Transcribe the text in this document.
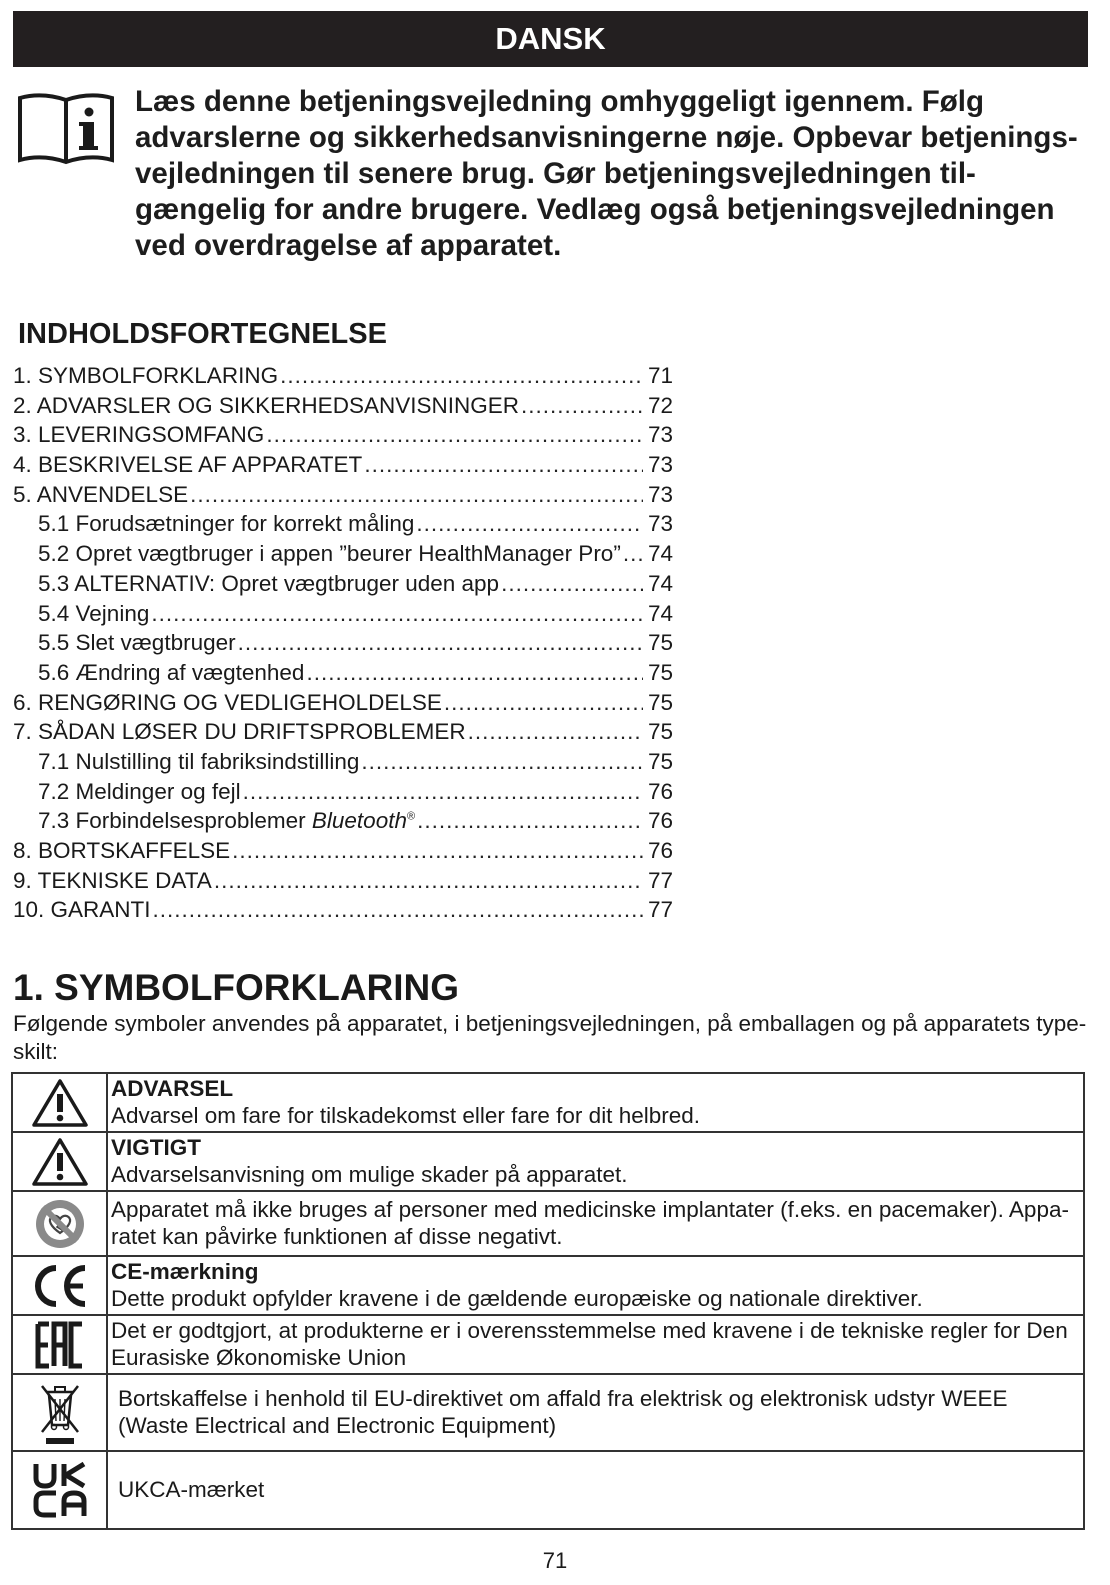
DANSK
Læs denne betjeningsvejledning omhyggeligt igennem. Følg
advarslerne og sikkerhedsanvisningerne nøje. Opbevar betjenings-
vejledningen til senere brug. Gør betjeningsvejledningen til-
gængelig for andre brugere. Vedlæg også betjeningsvejledningen
ved overdragelse af apparatet.
INDHOLDSFORTEGNELSE
1. SYMBOLFORKLARING .....	71
2. ADVARSLER OG SIKKERHEDSANVISNINGER .....	72
3. LEVERINGSOMFANG .....	73
4. BESKRIVELSE AF APPARATET .....	73
5. ANVENDELSE .....	73
5.1 Forudsætninger for korrekt måling .....	73
5.2 Opret vægtbruger i appen ”beurer HealthManager Pro” ..... 74
5.3 ALTERNATIV: Opret vægtbruger uden app .....	74
5.4 Vejning .....	74
5.5 Slet vægtbruger .....	75
5.6 Ændring af vægtenhed .....	75
6. RENGØRING OG VEDLIGEHOLDELSE .....	75
7. SÅDAN LØSER DU DRIFTSPROBLEMER .....	75
7.1 Nulstilling til fabriksindstilling .....	75
7.2 Meldinger og fejl .....	76
7.3 Forbindelsesproblemer Bluetooth® .....	76
8. BORTSKAFFELSE .....	76
9. TEKNISKE DATA .....	77
10. GARANTI .....	77
1. SYMBOLFORKLARING
Følgende symboler anvendes på apparatet, i betjeningsvejledningen, på emballagen og på apparatets type-skilt:

ADVARSEL
Advarsel om fare for tilskadekomst eller fare for dit helbred.

VIGTIGT
Advarselsanvisning om mulige skader på apparatet.
	Apparatet må ikke bruges af personer med medicinske implantater (f.eks. en pacemaker). Appa-ratet kan påvirke funktionen af disse negativt.

CE-mærkning
Dette produkt opfylder kravene i de gældende europæiske og nationale direktiver.
	Det er godtgjort, at produkterne er i overensstemmelse med kravene i de tekniske regler for Den Eurasiske Økonomiske Union
	Bortskaffelse i henhold til EU-direktivet om affald fra elektrisk og elektronisk udstyr WEEE (Waste Electrical and Electronic Equipment)
	UKCA-mærket
71
